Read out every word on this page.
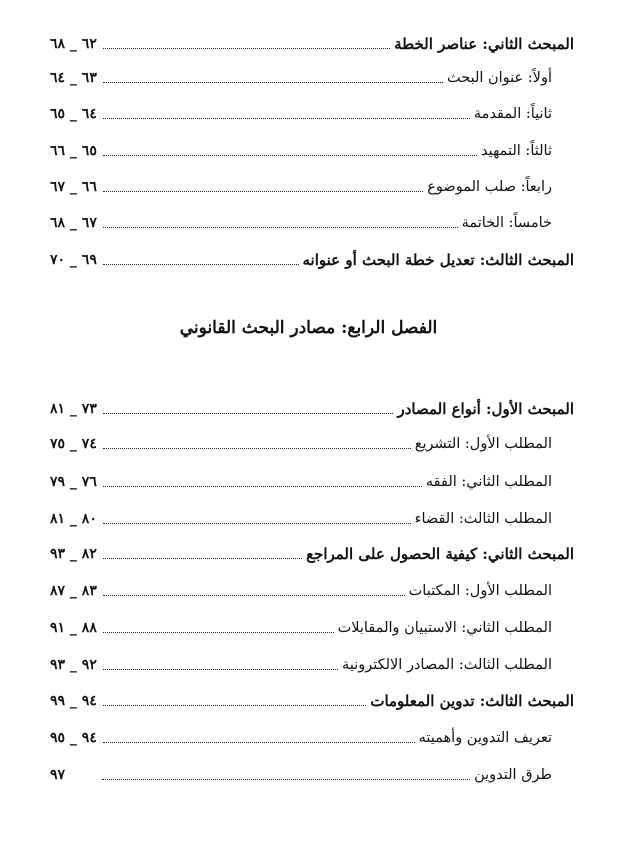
المبحث الثاني: عناصر الخطة
٦٢ _ ٦٨
أولاً: عنوان البحث
٦٣ _ ٦٤
ثانياً: المقدمة
٦٤ _ ٦٥
ثالثاً: التمهيد
٦٥ _ ٦٦
رابعاً: صلب الموضوع
٦٦ _ ٦٧
خامساً: الخاتمة
٦٧ _ ٦٨
المبحث الثالث: تعديل خطة البحث أو عنوانه
٦٩ _ ٧٠
الفصل الرابع: مصادر البحث القانوني
المبحث الأول: أنواع المصادر
٧٣ _ ٨١
المطلب الأول: التشريع
٧٤ _ ٧٥
المطلب الثاني: الفقه
٧٦ _ ٧٩
المطلب الثالث: القضاء
٨٠ _ ٨١
المبحث الثاني: كيفية الحصول على المراجع
٨٢ _ ٩٣
المطلب الأول: المكتبات
٨٣ _ ٨٧
المطلب الثاني: الاستبيان والمقابلات
٨٨ _ ٩١
المطلب الثالث: المصادر الالكترونية
٩٢ _ ٩٣
المبحث الثالث: تدوين المعلومات
٩٤ _ ٩٩
تعريف التدوين وأهميته
٩٤ _ ٩٥
طرق التدوين
٩٧
